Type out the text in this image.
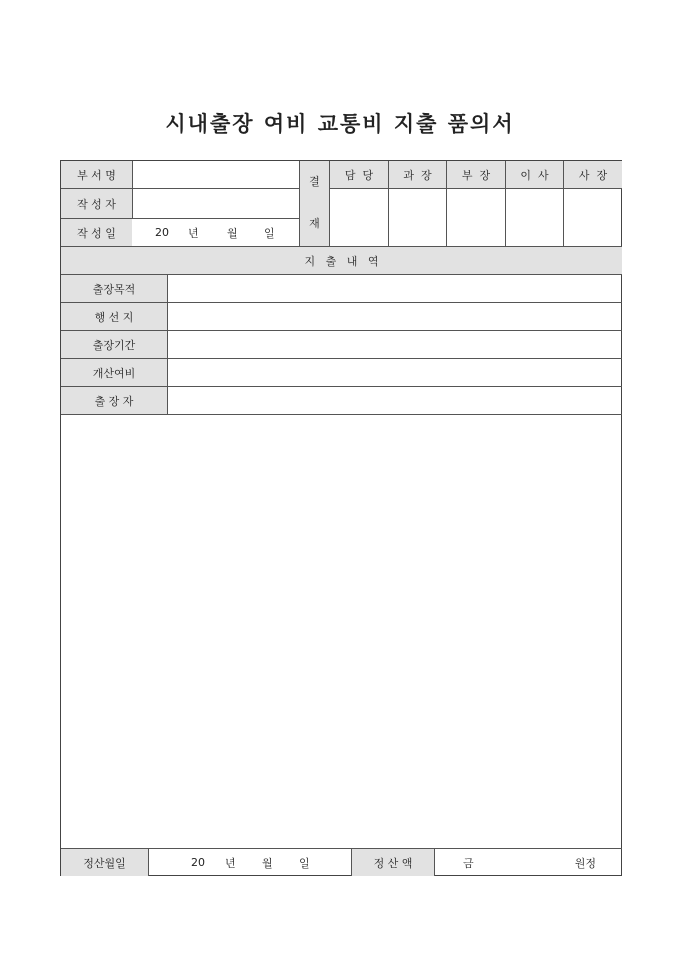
시내출장 여비 교통비 지출 품의서
부 서 명
작 성 자
작 성 일	20 년	월 일
결
재
담  당	과  장	부  장	이  사	사  장
지   출   내   역
출장목적
행 선 지
출장기간
개산여비
출 장 자
정산월일	20 년 월 일	정 산 액	금	원정
